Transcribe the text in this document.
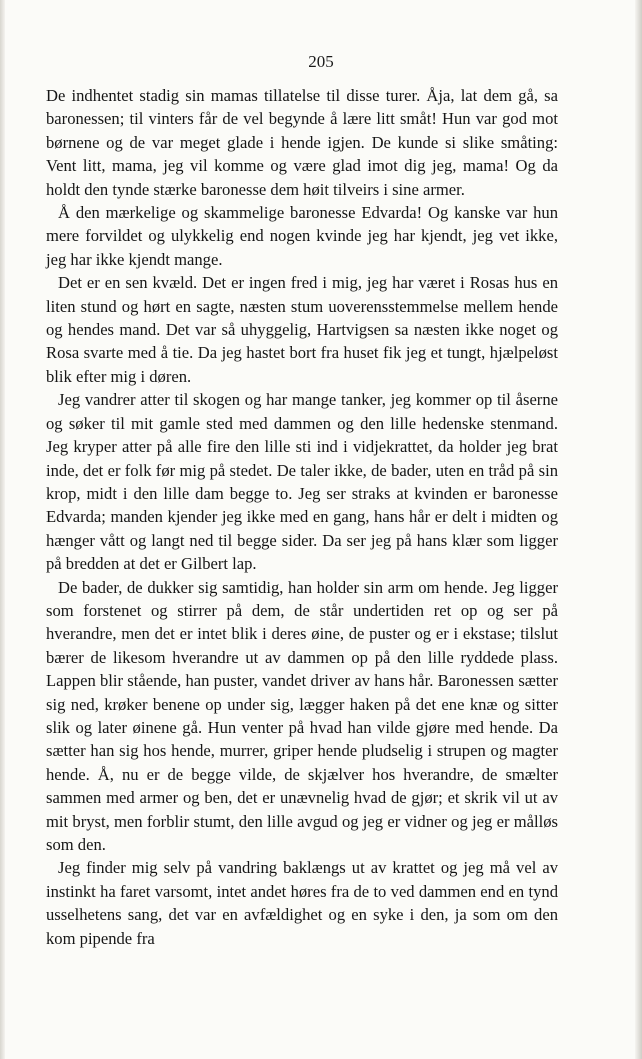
205

De indhentet stadig sin mamas tillatelse til disse turer. Åja, lat dem gå, sa baronessen; til vinters får de vel begynde å lære litt småt! Hun var god mot børnene og de var meget glade i hende igjen. De kunde si slike småting: Vent litt, mama, jeg vil komme og være glad imot dig jeg, mama! Og da holdt den tynde stærke baronesse dem høit tilveirs i sine armer.

Å den mærkelige og skammelige baronesse Edvarda! Og kanske var hun mere forvildet og ulykkelig end nogen kvinde jeg har kjendt, jeg vet ikke, jeg har ikke kjendt mange.

Det er en sen kvæld. Det er ingen fred i mig, jeg har været i Rosas hus en liten stund og hørt en sagte, næsten stum uoverensstemmelse mellem hende og hendes mand. Det var så uhyggelig, Hartvigsen sa næsten ikke noget og Rosa svarte med å tie. Da jeg hastet bort fra huset fik jeg et tungt, hjælpeløst blik efter mig i døren.

Jeg vandrer atter til skogen og har mange tanker, jeg kommer op til åserne og søker til mit gamle sted med dammen og den lille hedenske stenmand. Jeg kryper atter på alle fire den lille sti ind i vidjekrattet, da holder jeg brat inde, det er folk før mig på stedet. De taler ikke, de bader, uten en tråd på sin krop, midt i den lille dam begge to. Jeg ser straks at kvinden er baronesse Edvarda; manden kjender jeg ikke med en gang, hans hår er delt i midten og hænger vått og langt ned til begge sider. Da ser jeg på hans klær som ligger på bredden at det er Gilbert lap.

De bader, de dukker sig samtidig, han holder sin arm om hende. Jeg ligger som forstenet og stirrer på dem, de står undertiden ret op og ser på hverandre, men det er intet blik i deres øine, de puster og er i ekstase; tilslut bærer de likesom hverandre ut av dammen op på den lille ryddede plass. Lappen blir stående, han puster, vandet driver av hans hår. Baronessen sætter sig ned, krøker benene op under sig, lægger haken på det ene knæ og sitter slik og later øinene gå. Hun venter på hvad han vilde gjøre med hende. Da sætter han sig hos hende, murrer, griper hende pludselig i strupen og magter hende. Å, nu er de begge vilde, de skjælver hos hverandre, de smælter sammen med armer og ben, det er unævnelig hvad de gjør; et skrik vil ut av mit bryst, men forblir stumt, den lille avgud og jeg er vidner og jeg er målløs som den.

Jeg finder mig selv på vandring baklængs ut av krattet og jeg må vel av instinkt ha faret varsomt, intet andet høres fra de to ved dammen end en tynd usselhetens sang, det var en avfældighet og en syke i den, ja som om den kom pipende fra
